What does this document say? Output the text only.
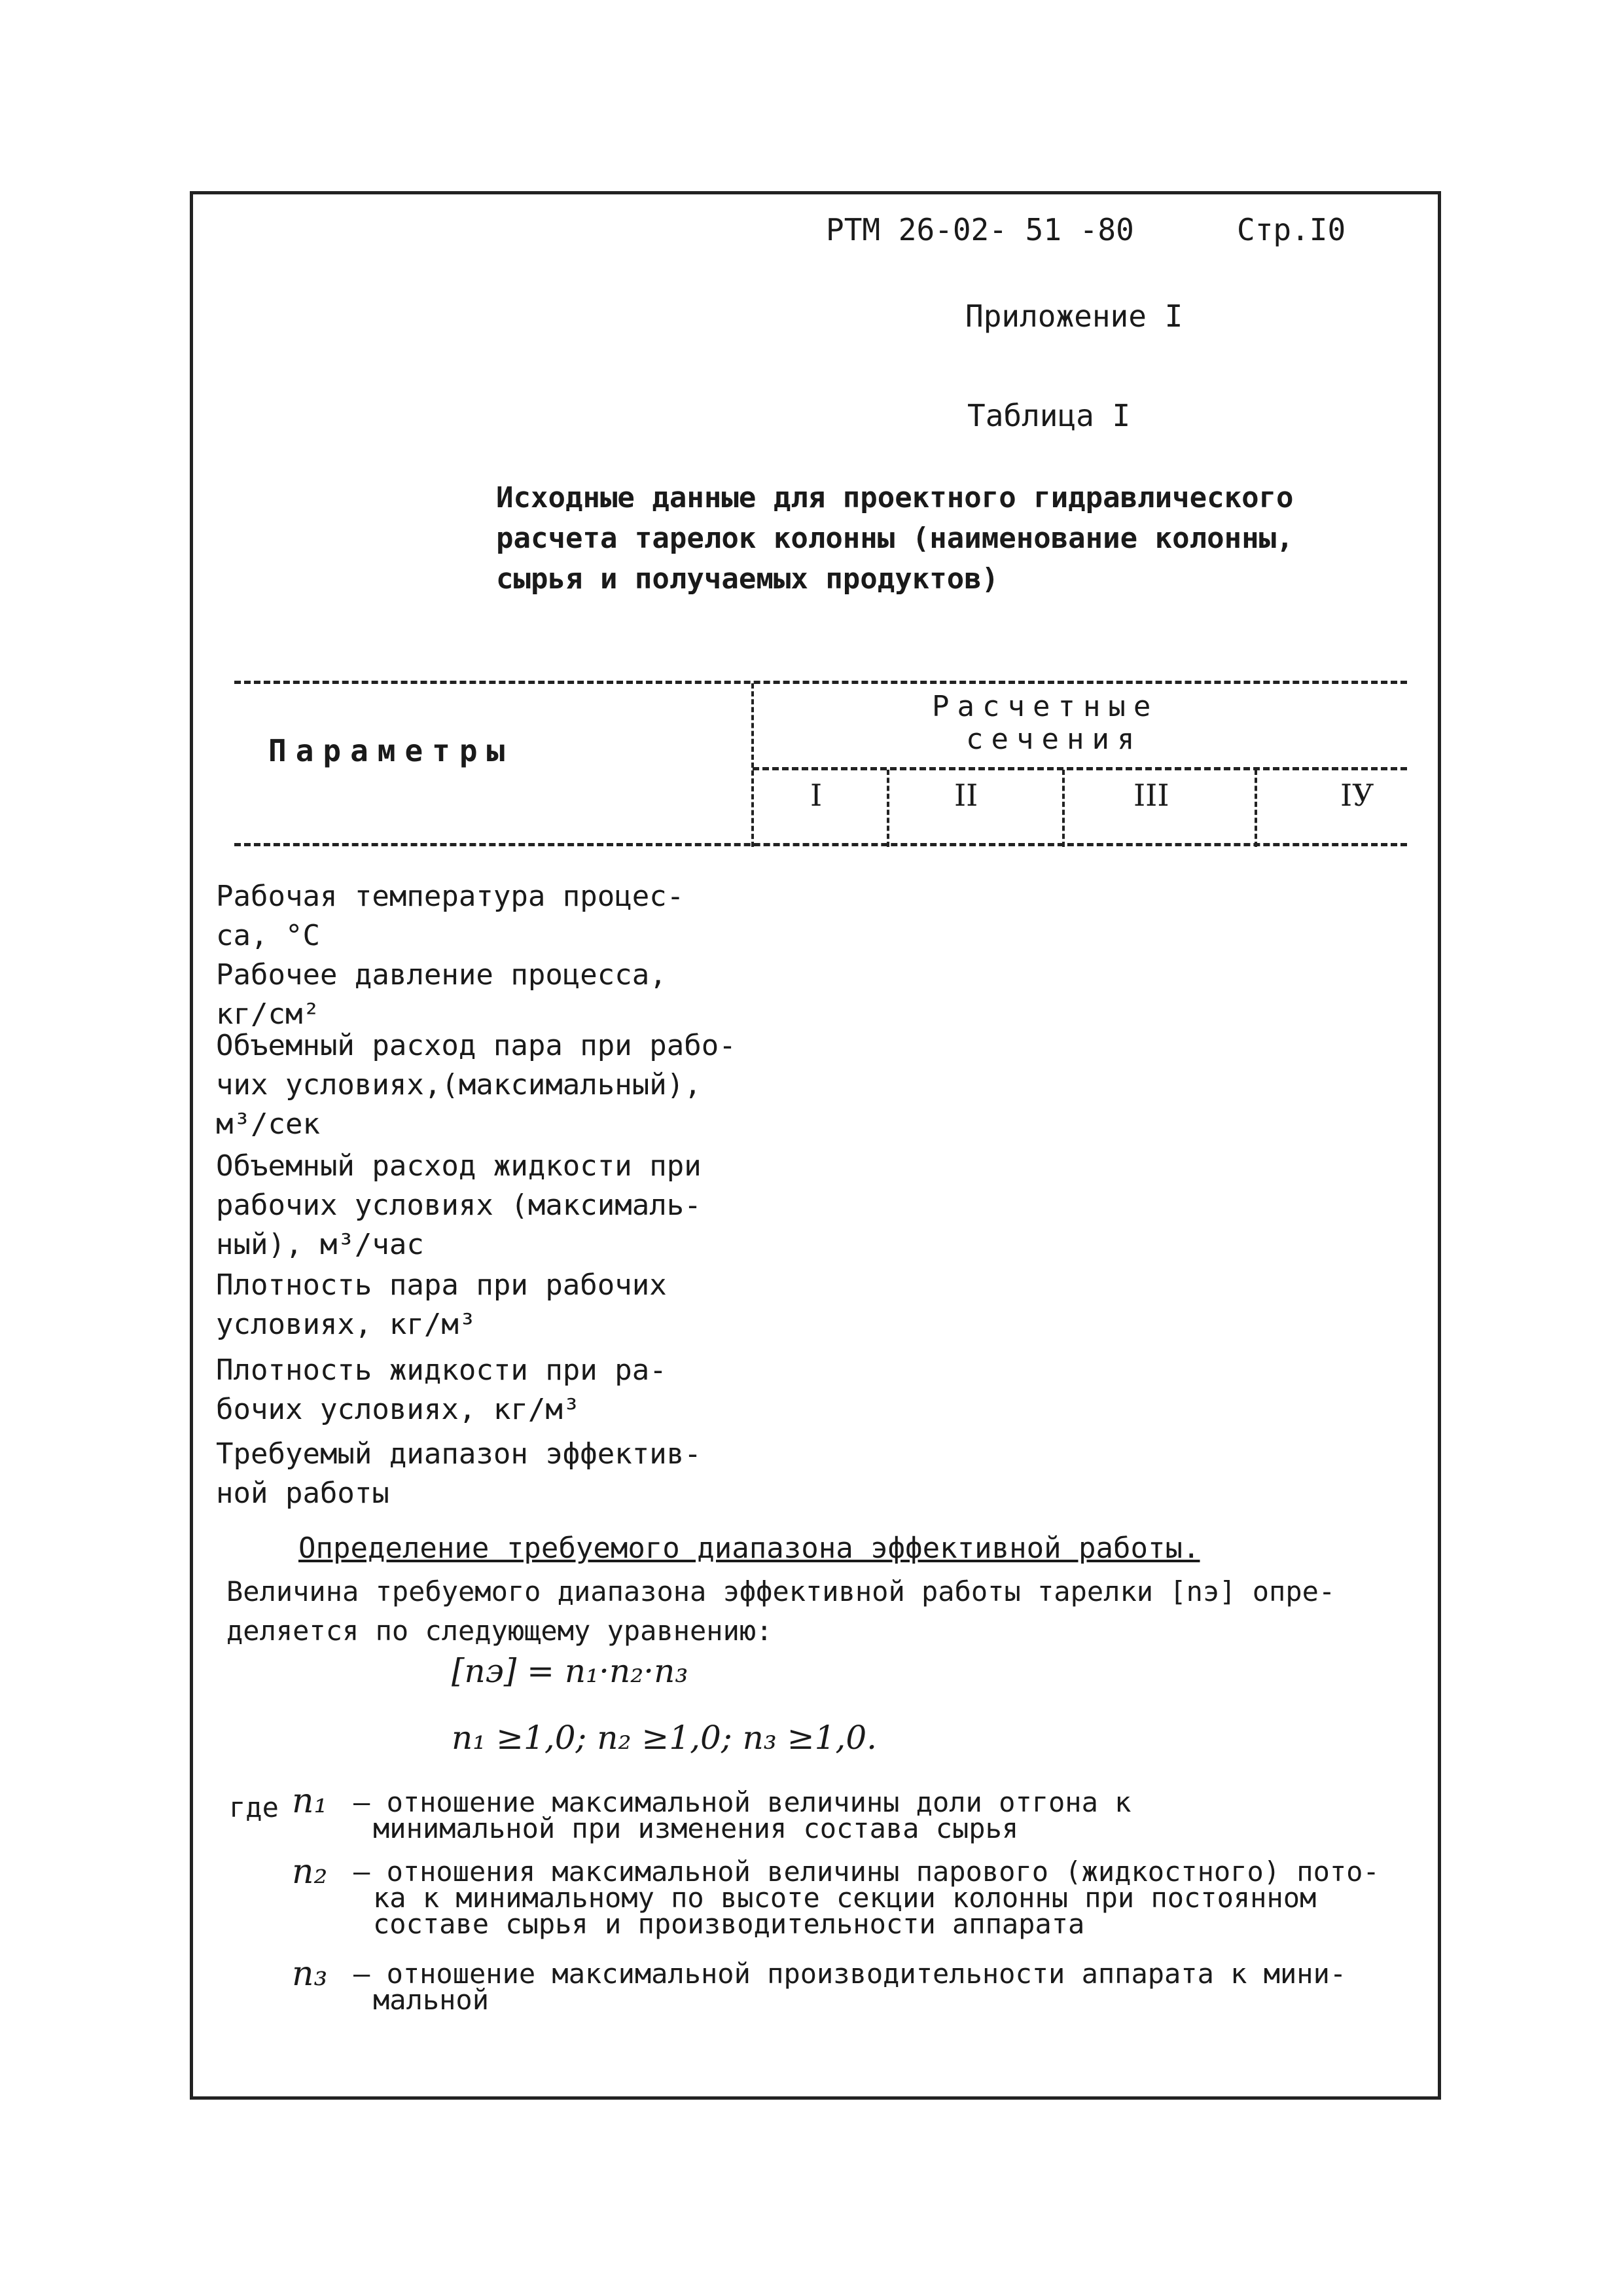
РТМ 26-02- 51 -80	Стр.I0
Приложение I
Таблица I
Исходные данные для проектного гидравлического
расчета тарелок колонны (наименование колонны,
сырья и получаемых продуктов)
Параметры
Расчетные
сечения
I	II	III	IУ
Рабочая температура процес-
са, °С
Рабочее давление процесса,
кг/см²
Объемный расход пара при рабо-
чих условиях,(максимальный),
м³/сек
Объемный расход жидкости при
рабочих условиях (максималь-
ный), м³/час
Плотность пара при рабочих
условиях, кг/м³
Плотность жидкости при ра-
бочих условиях, кг/м³
Требуемый диапазон эффектив-
ной работы
Определение требуемого диапазона эффективной работы.
Величина требуемого диапазона эффективной работы тарелки [nэ] опре-
деляется по следующему уравнению:
[nэ] = n₁·n₂·n₃
n₁ ≥1,0; n₂ ≥1,0; n₃ ≥1,0.
где n₁ – отношение максимальной величины доли отгона к
минимальной при изменения состава сырья
n₂ – отношения максимальной величины парового (жидкостного) пото-
ка к минимальному по высоте секции колонны при постоянном
составе сырья и производительности аппарата
n₃ – отношение максимальной производительности аппарата к мини-
мальной
